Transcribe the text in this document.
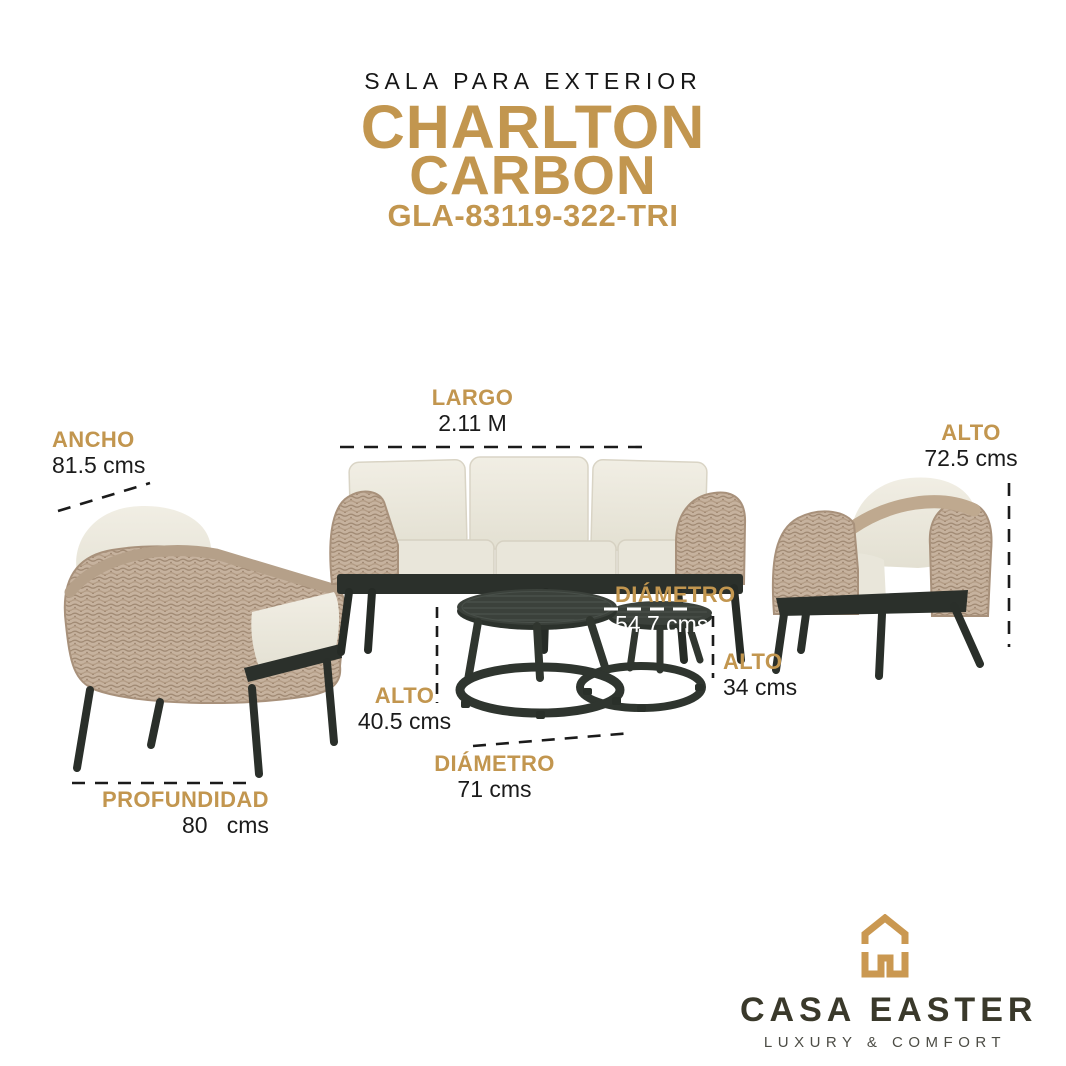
SALA PARA EXTERIOR
CHARLTON
CARBON
GLA-83119-322-TRI
ANCHO
81.5 cms
LARGO
2.11 M	ALTO
72.5 cms
DIÁMETRO
54.7 cms
ALTO
34 cms
ALTO
40.5 cms
DIÁMETRO
71 cms
PROFUNDIDAD
80   cms
CASA EASTER
LUXURY & COMFORT
